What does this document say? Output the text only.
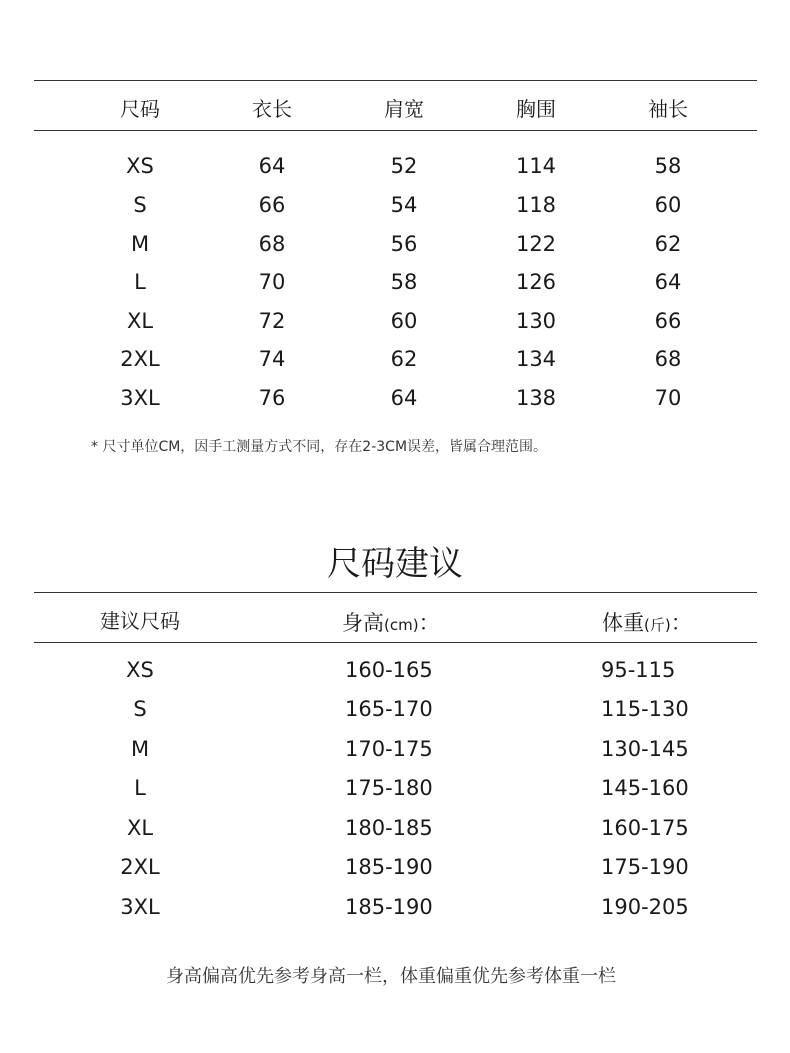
尺码	衣长	肩宽	胸围	袖长
XS	64	52	114	58
S	66	54	118	60
M	68	56	122	62
L	70	58	126	64
XL	72	60	130	66
2XL	74	62	134	68
3XL	76	64	138	70
* 尺寸单位CM，因手工测量方式不同，存在2-3CM误差，皆属合理范围。
尺码建议
建议尺码	身高(cm)：	体重(斤)：
XS	160-165	95-115
S	165-170	115-130
M	170-175	130-145
L	175-180	145-160
XL	180-185	160-175
2XL	185-190	175-190
3XL	185-190	190-205
身高偏高优先参考身高一栏，体重偏重优先参考体重一栏
